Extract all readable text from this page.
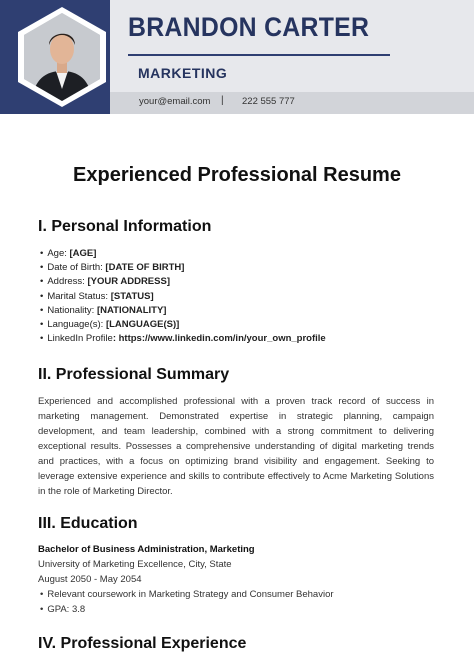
BRANDON CARTER
MARKETING
your@email.com | 222 555 777
Experienced Professional Resume
I. Personal Information
• Age: [AGE]
• Date of Birth: [DATE OF BIRTH]
• Address: [YOUR ADDRESS]
• Marital Status: [STATUS]
• Nationality: [NATIONALITY]
• Language(s): [LANGUAGE(S)]
• LinkedIn Profile: https://www.linkedin.com/in/your_own_profile
II. Professional Summary

Experienced and accomplished professional with a proven track record of success in marketing management. Demonstrated expertise in strategic planning, campaign development, and team leadership, combined with a strong commitment to delivering exceptional results. Possesses a comprehensive understanding of digital marketing trends and practices, with a focus on optimizing brand visibility and engagement. Seeking to leverage extensive experience and skills to contribute effectively to Acme Marketing Solutions in the role of Marketing Director.

III. Education
Bachelor of Business Administration, Marketing
University of Marketing Excellence, City, State
August 2050 - May 2054
• Relevant coursework in Marketing Strategy and Consumer Behavior
• GPA: 3.8
IV. Professional Experience
